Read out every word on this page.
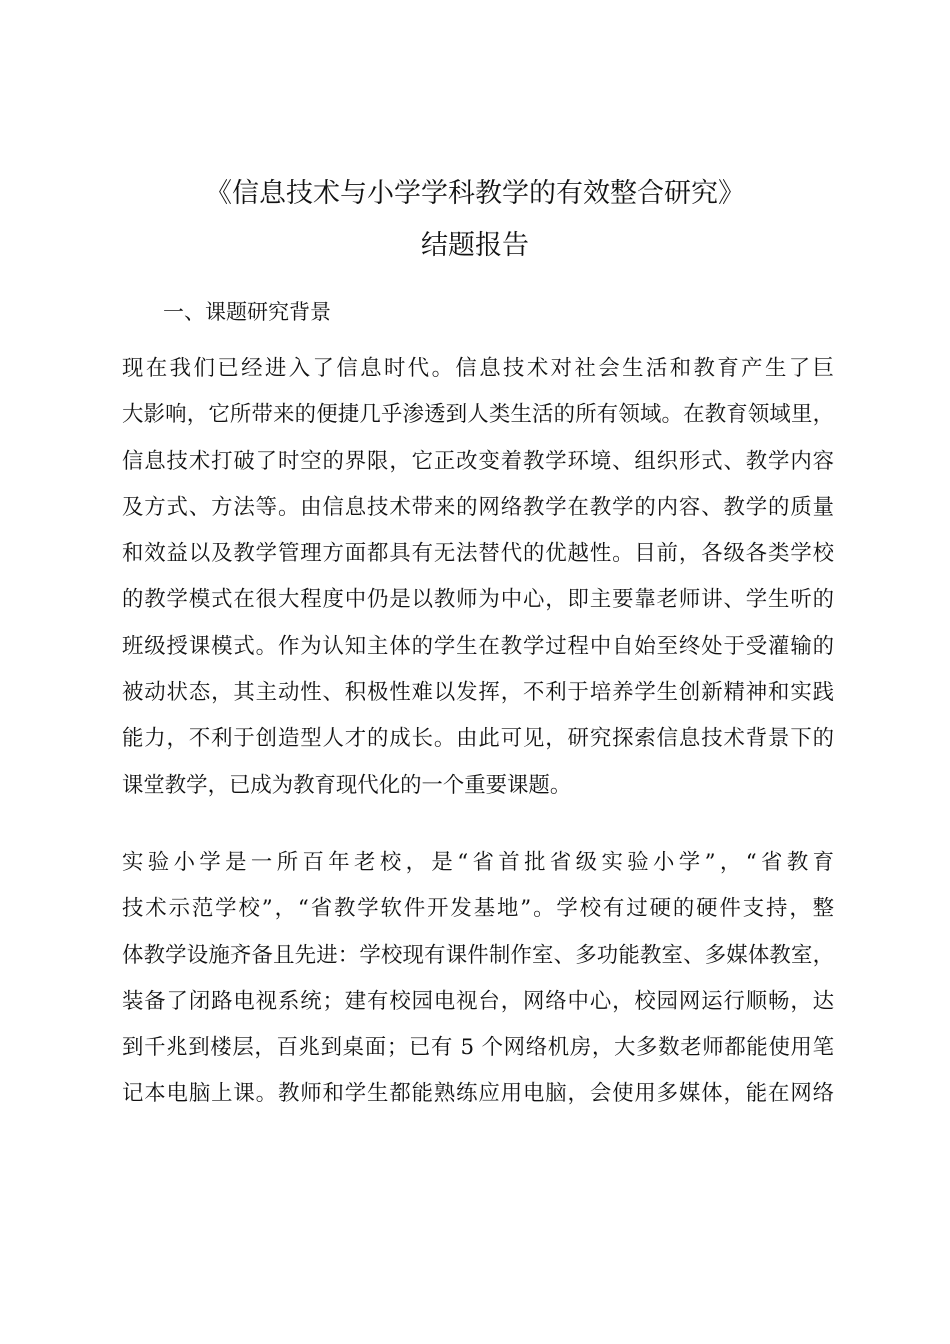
《信息技术与小学学科教学的有效整合研究》
结题报告
一、课题研究背景
现在我们已经进入了信息时代。信息技术对社会生活和教育产生了巨
大影响，它所带来的便捷几乎渗透到人类生活的所有领域。在教育领域里，
信息技术打破了时空的界限，它正改变着教学环境、组织形式、教学内容
及方式、方法等。由信息技术带来的网络教学在教学的内容、教学的质量
和效益以及教学管理方面都具有无法替代的优越性。目前，各级各类学校
的教学模式在很大程度中仍是以教师为中心，即主要靠老师讲、学生听的
班级授课模式。作为认知主体的学生在教学过程中自始至终处于受灌输的
被动状态，其主动性、积极性难以发挥，不利于培养学生创新精神和实践
能力，不利于创造型人才的成长。由此可见，研究探索信息技术背景下的
课堂教学，已成为教育现代化的一个重要课题。
实验小学是一所百年老校，是“省首批省级实验小学”，“省教育
技术示范学校”，“省教学软件开发基地”。学校有过硬的硬件支持，整
体教学设施齐备且先进：学校现有课件制作室、多功能教室、多媒体教室，
装备了闭路电视系统；建有校园电视台，网络中心，校园网运行顺畅，达
到千兆到楼层，百兆到桌面；已有 5 个网络机房，大多数老师都能使用笔
记本电脑上课。教师和学生都能熟练应用电脑，会使用多媒体，能在网络
